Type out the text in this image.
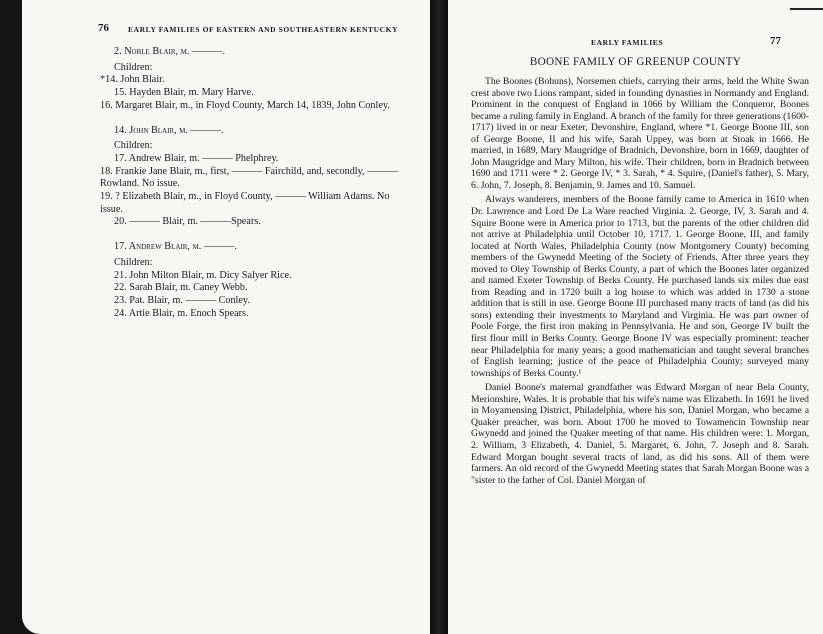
76	EARLY FAMILIES OF EASTERN AND SOUTHEASTERN KENTUCKY
2. Noble Blair, m. ———.
Children:
*14. John Blair.
15. Hayden Blair, m. Mary Harve.
16. Margaret Blair, m., in Floyd County, March 14, 1839, John Conley.
14. John Blair, m. ———.
Children:
17. Andrew Blair, m. ——— Phelphrey.
18. Frankie Jane Blair, m., first, ——— Fairchild, and, secondly, ——— Rowland. No issue.
19. ? Elizabeth Blair, m., in Floyd County, ——— William Adams. No issue.
20. ——— Blair, m. ———Spears.
17. Andrew Blair, m. ———.
Children:
21. John Milton Blair, m. Dicy Salyer Rice.
22. Sarah Blair, m. Caney Webb.
23. Pat. Blair, m. ——— Conley.
24. Artie Blair, m. Enoch Spears.
EARLY FAMILIES	77
BOONE FAMILY OF GREENUP COUNTY

The Boones (Bohuns), Norsemen chiefs, carrying their arms, held the White Swan crest above two Lions rampant, sided in founding dynasties in Normandy and England. Prominent in the conquest of England in 1066 by William the Conqueror, Boones became a ruling family in England. A branch of the family for three generations (1600-1717) lived in or near Exeter, Devonshire, England, where *1. George Boone III, son of George Boone, II and his wife, Sarah Uppey, was born at Stoak in 1666. He married, in 1689, Mary Maugridge of Bradnich, Devonshire, born in 1669, daughter of John Maugridge and Mary Milton, his wife. Their children, born in Bradnich between 1690 and 1711 were * 2. George IV, * 3. Sarah, * 4. Squire, (Daniel's father), 5. Mary, 6. John, 7. Joseph, 8. Benjamin, 9. James and 10. Samuel.

Always wanderers, members of the Boone family came to America in 1610 when Dr. Lawrence and Lord De La Ware reached Virginia. 2. George, IV, 3. Sarah and 4. Squire Boone were in America prior to 1713, but the parents of the other children did not arrive at Philadelphia until October 10, 1717. 1. George Boone, III, and family located at North Wales, Philadelphia County (now Montgomery County) becoming members of the Gwynedd Meeting of the Society of Friends. After three years they moved to Oley Township of Berks County, a part of which the Boones later organized and named Exeter Township of Berks County. He purchased lands six miles due east from Reading and in 1720 built a log house to which was added in 1730 a stone addition that is still in use. George Boone III purchased many tracts of land (as did his sons) extending their investments to Maryland and Virginia. He was part owner of Poole Forge, the first iron making in Pennsylvania. He and son, George IV built the first flour mill in Berks County. George Boone IV was especially prominent: teacher near Philadelphia for many years; a good mathematician and taught several branches of English learning; justice of the peace of Philadelphia County; surveyed many townships of Berks County.¹

Daniel Boone's maternal grandfather was Edward Morgan of near Bela County, Merionshire, Wales. It is probable that his wife's name was Elizabeth. In 1691 he lived in Moyamensing District, Philadelphia, where his son, Daniel Morgan, who became a Quaker preacher, was born. About 1700 he moved to Towamencin Township near Gwynedd and joined the Quaker meeting of that name. His children were: 1. Morgan, 2. William, 3 Elizabeth, 4. Daniel, 5. Margaret, 6. John, 7. Joseph and 8. Sarah. Edward Morgan bought several tracts of land, as did his sons. All of them were farmers. An old record of the Gwynedd Meeting states that Sarah Morgan Boone was a "sister to the father of Col. Daniel Morgan of
